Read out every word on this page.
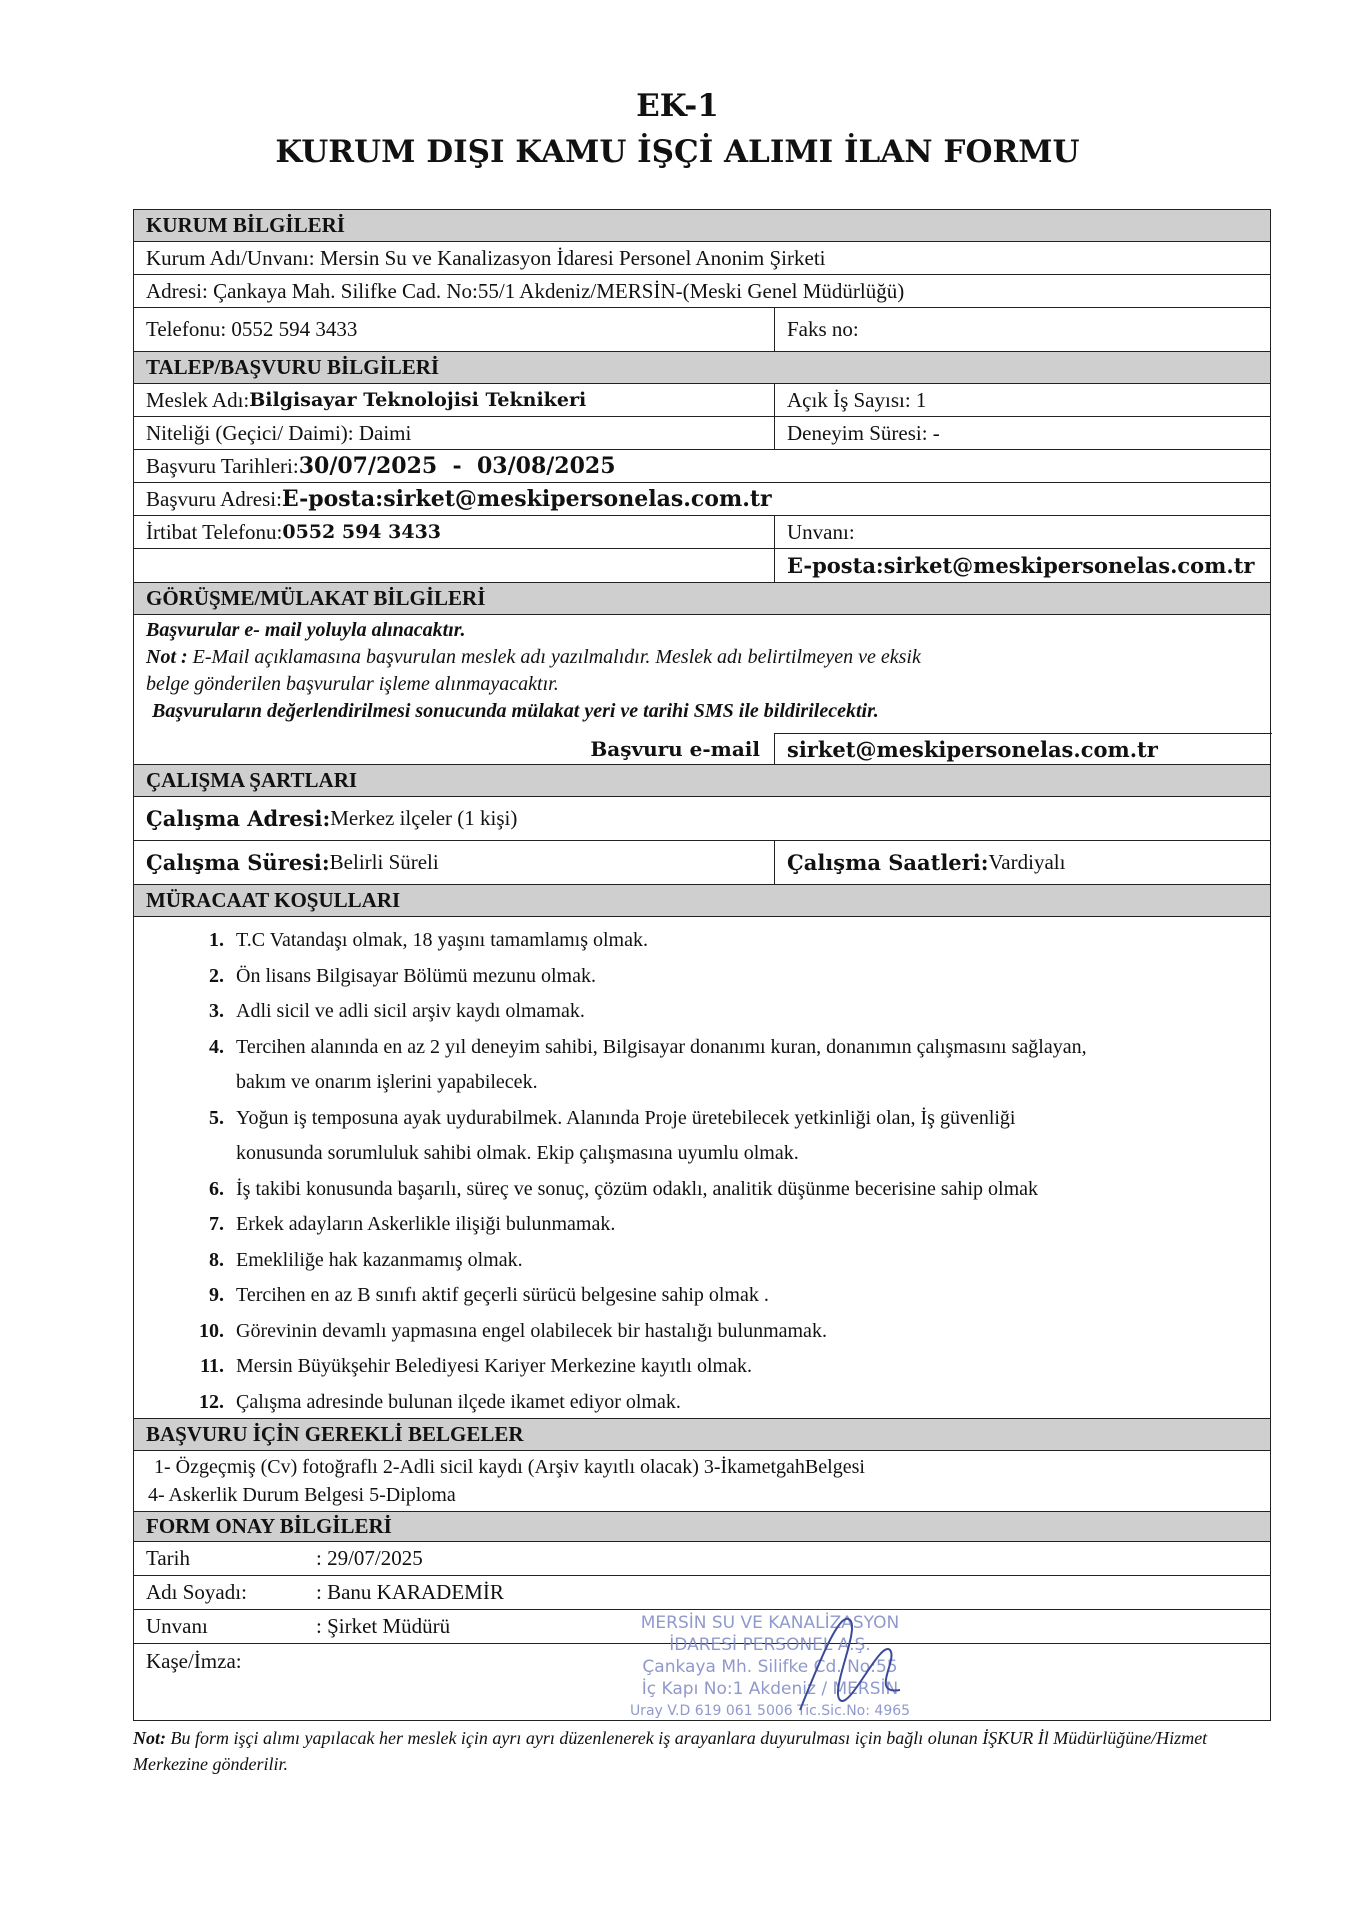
EK-1
KURUM DIŞI KAMU İŞÇİ ALIMI İLAN FORMU
KURUM BİLGİLERİ
Kurum Adı/Unvanı: Mersin Su ve Kanalizasyon İdaresi Personel Anonim Şirketi
Adresi: Çankaya Mah. Silifke Cad. No:55/1 Akdeniz/MERSİN-(Meski Genel Müdürlüğü)
Telefonu: 0552 594 3433	Faks no:
TALEP/BAŞVURU BİLGİLERİ
Meslek Adı: Bilgisayar Teknolojisi Teknikeri	Açık İş Sayısı: 1
Niteliği (Geçici/ Daimi): Daimi	Deneyim Süresi: -
Başvuru Tarihleri: 30/07/2025  -  03/08/2025
Başvuru Adresi: E-posta:sirket@meskipersonelas.com.tr
İrtibat Telefonu: 0552 594 3433	Unvanı:
E-posta:sirket@meskipersonelas.com.tr
GÖRÜŞME/MÜLAKAT BİLGİLERİ
Başvurular e- mail yoluyla alınacaktır.
Not : E-Mail açıklamasına başvurulan meslek adı yazılmalıdır. Meslek adı belirtilmeyen ve eksik
belge gönderilen başvurular işleme alınmayacaktır.
Başvuruların değerlendirilmesi sonucunda mülakat yeri ve tarihi SMS ile bildirilecektir.
Başvuru e-mail	sirket@meskipersonelas.com.tr
ÇALIŞMA ŞARTLARI
Çalışma Adresi: Merkez ilçeler (1 kişi)
Çalışma Süresi: Belirli Süreli	Çalışma Saatleri: Vardiyalı
MÜRACAAT KOŞULLARI
1. T.C Vatandaşı olmak, 18 yaşını tamamlamış olmak.
2. Ön lisans Bilgisayar Bölümü mezunu olmak.
3. Adli sicil ve adli sicil arşiv kaydı olmamak.
4. Tercihen alanında en az 2 yıl deneyim sahibi, Bilgisayar donanımı kuran, donanımın çalışmasını sağlayan,
bakım ve onarım işlerini yapabilecek.
5. Yoğun iş temposuna ayak uydurabilmek. Alanında Proje üretebilecek yetkinliği olan, İş güvenliği
konusunda sorumluluk sahibi olmak. Ekip çalışmasına uyumlu olmak.
6. İş takibi konusunda başarılı, süreç ve sonuç, çözüm odaklı, analitik düşünme becerisine sahip olmak
7. Erkek adayların Askerlikle ilişiği bulunmamak.
8. Emekliliğe hak kazanmamış olmak.
9. Tercihen en az B sınıfı aktif geçerli sürücü belgesine sahip olmak .
10. Görevinin devamlı yapmasına engel olabilecek bir hastalığı bulunmamak.
11. Mersin Büyükşehir Belediyesi Kariyer Merkezine kayıtlı olmak.
12. Çalışma adresinde bulunan ilçede ikamet ediyor olmak.
BAŞVURU İÇİN GEREKLİ BELGELER
1- Özgeçmiş (Cv) fotoğraflı 2-Adli sicil kaydı (Arşiv kayıtlı olacak) 3-İkametgahBelgesi
4- Askerlik Durum Belgesi 5-Diploma
FORM ONAY BİLGİLERİ
Tarih	: 29/07/2025
Adı Soyadı:	: Banu KARADEMİR
Unvanı	: Şirket Müdürü
Kaşe/İmza:
MERSİN SU VE KANALİZASYON
İDARESİ PERSONEL A.Ş.
Çankaya Mh. Silifke Cd. No:55
İç Kapı No:1 Akdeniz / MERSİN
Uray V.D 619 061 5006 Tic.Sic.No: 4965
Not: Bu form işçi alımı yapılacak her meslek için ayrı ayrı düzenlenerek iş arayanlara duyurulması için bağlı olunan İŞKUR İl Müdürlüğüne/Hizmet Merkezine gönderilir.
